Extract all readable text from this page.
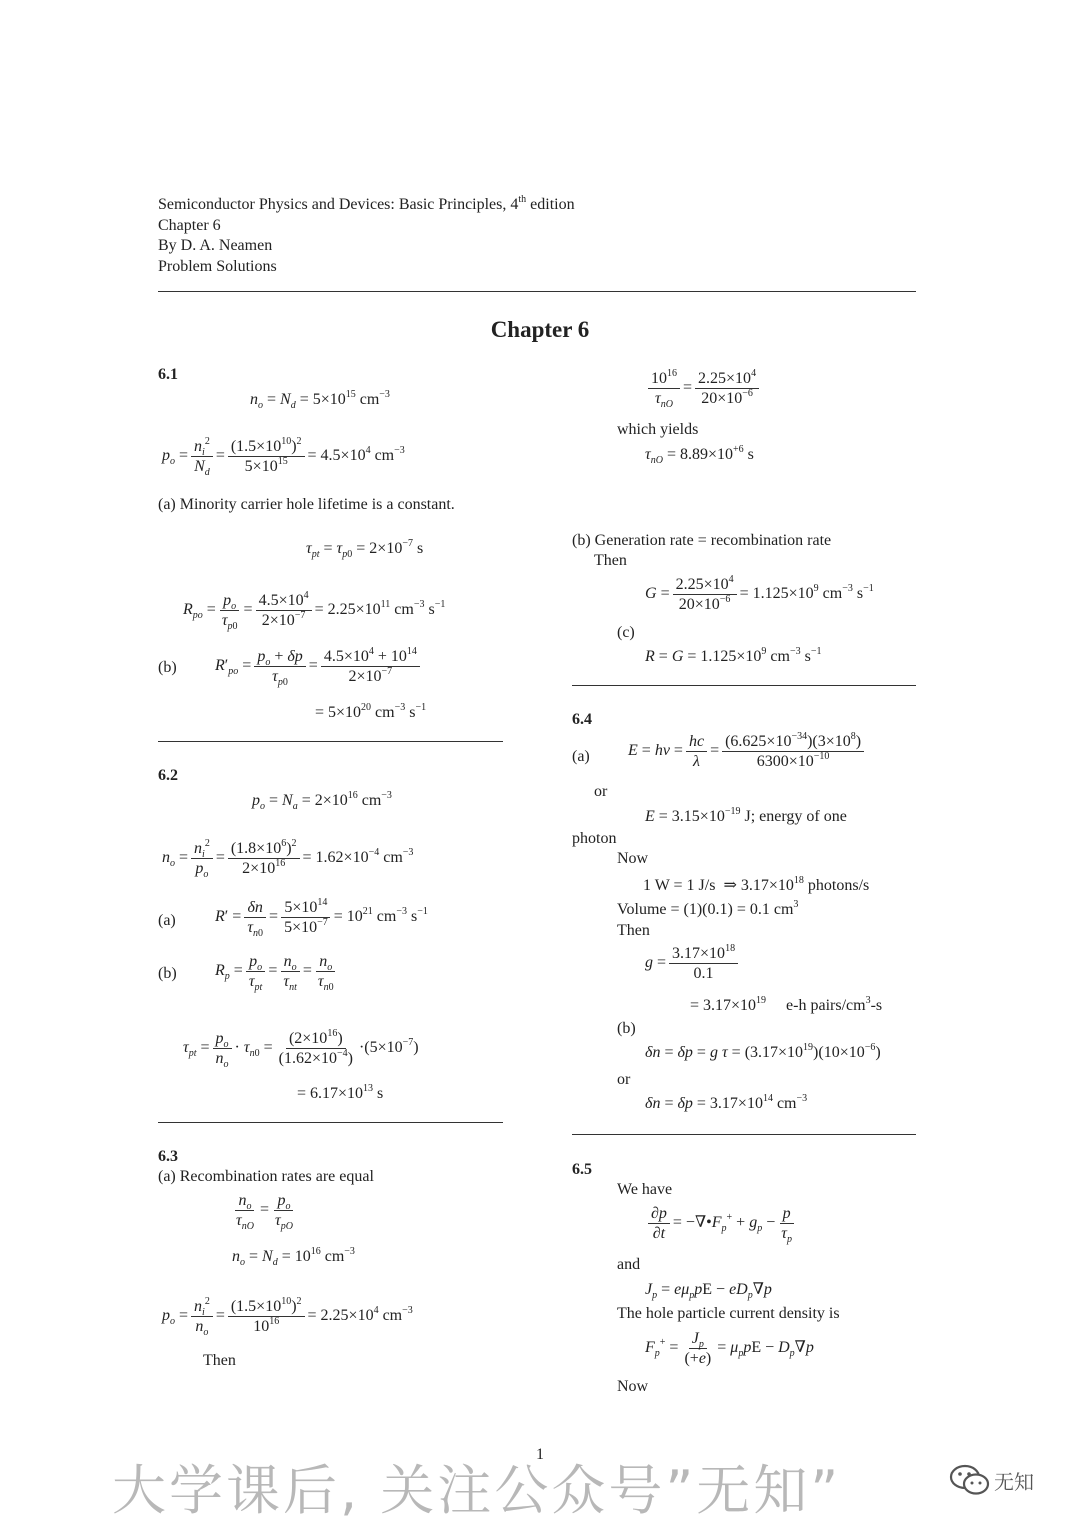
Semiconductor Physics and Devices: Basic Principles, 4th edition
Chapter 6
By D. A. Neamen
Problem Solutions
Chapter 6
6.1
$n_o = N_d = 5\times 10^{15}$ $cm^{-3}$
$p_o = \frac{n_i^2}{N_d} = \frac{(1.5\times 10^{10})^2}{5\times 10^{15}} = 4.5\times 10^4$ $cm^{-3}$
(a) Minority carrier hole lifetime is a constant.
$\tau_{pt} = \tau_{p0} = 2\times 10^{-7}$ s
$R_{po} = \frac{p_o}{\tau_{p0}} = \frac{4.5\times 10^4}{2\times 10^{-7}} = 2.25\times 10^{11}$ $cm^{-3}$ $s^{-1}$
(b) $R'_{po} = \frac{p_o + \delta p}{\tau_{p0}} = \frac{4.5\times 10^4 + 10^{14}}{2\times 10^{-7}}$
= $5\times 10^{20}$ $cm^{-3}$ $s^{-1}$
6.2
$p_o = N_a = 2\times 10^{16}$ $cm^{-3}$
$n_o = \frac{n_i^2}{p_o} = \frac{(1.8\times 10^6)^2}{2\times 10^{16}} = 1.62\times 10^{-4}$ $cm^{-3}$
(a) $R' = \frac{\delta n}{\tau_{n0}} = \frac{5\times 10^{14}}{5\times 10^{-7}} = 10^{21}$ $cm^{-3}$ $s^{-1}$
(b) $R_p = \frac{p_o}{\tau_{pt}} = \frac{n_o}{\tau_{nt}} = \frac{n_o}{\tau_{n0}}$
$\tau_{pt} = \frac{p_o}{n_o} \cdot \tau_{n0} = \frac{(2\times 10^{16})}{(1.62\times 10^{-4})} \cdot(5\times 10^{-7})$
= $6.17\times 10^{13}$ s
6.3
(a) Recombination rates are equal
$\frac{n_o}{\tau_{nO}} = \frac{p_o}{\tau_{pO}}$
$n_o = N_d = 10^{16}$ $cm^{-3}$
$p_o = \frac{n_i^2}{n_o} = \frac{(1.5\times 10^{10})^2}{10^{16}} = 2.25\times 10^4$ $cm^{-3}$
Then
$\frac{10^{16}}{\tau_{nO}} = \frac{2.25\times 10^4}{20\times 10^{-6}}$
which yields
$\tau_{nO} = 8.89\times 10^{+6}$ s
(b) Generation rate = recombination rate
Then
$G = \frac{2.25\times 10^4}{20\times 10^{-6}} = 1.125\times 10^9$ $cm^{-3}$ $s^{-1}$
(c)
$R = G = 1.125\times 10^9$ $cm^{-3}$ $s^{-1}$
6.4
(a) $E = h\nu = \frac{hc}{\lambda} = \frac{(6.625\times 10^{-34})(3\times 10^8)}{6300\times 10^{-10}}$
or
$E = 3.15\times 10^{-19}$ J; energy of one
photon
Now
1 W = 1 J/s  ⇒ $3.17\times 10^{18}$ photons/s
Volume = (1)(0.1) = 0.1 $cm^3$
Then
$g = \frac{3.17\times 10^{18}}{0.1}$
= $3.17\times 10^{19}$ e-h pairs/$cm^3-s$
(b)
δn = δp = g $\tau = (3.17\times 10^{19})(10\times 10^{-6})$
or
$\delta n = \delta p = 3.17\times 10^{14}$ $cm^{-3}$
6.5
We have
$\frac{\partial p}{\partial t}$ = $-\nabla•F_p^+ + g_p - \frac{p}{\tau_p}$
and
$J_p = e\mu_ppE - eD_p\nabla p$
The hole particle current density is
$F_p^+ = \frac{J_p}{(+e)} = \mu_ppE - D_p\nabla p$
Now
1
大学课后, 关注公众号”无知”	无知
